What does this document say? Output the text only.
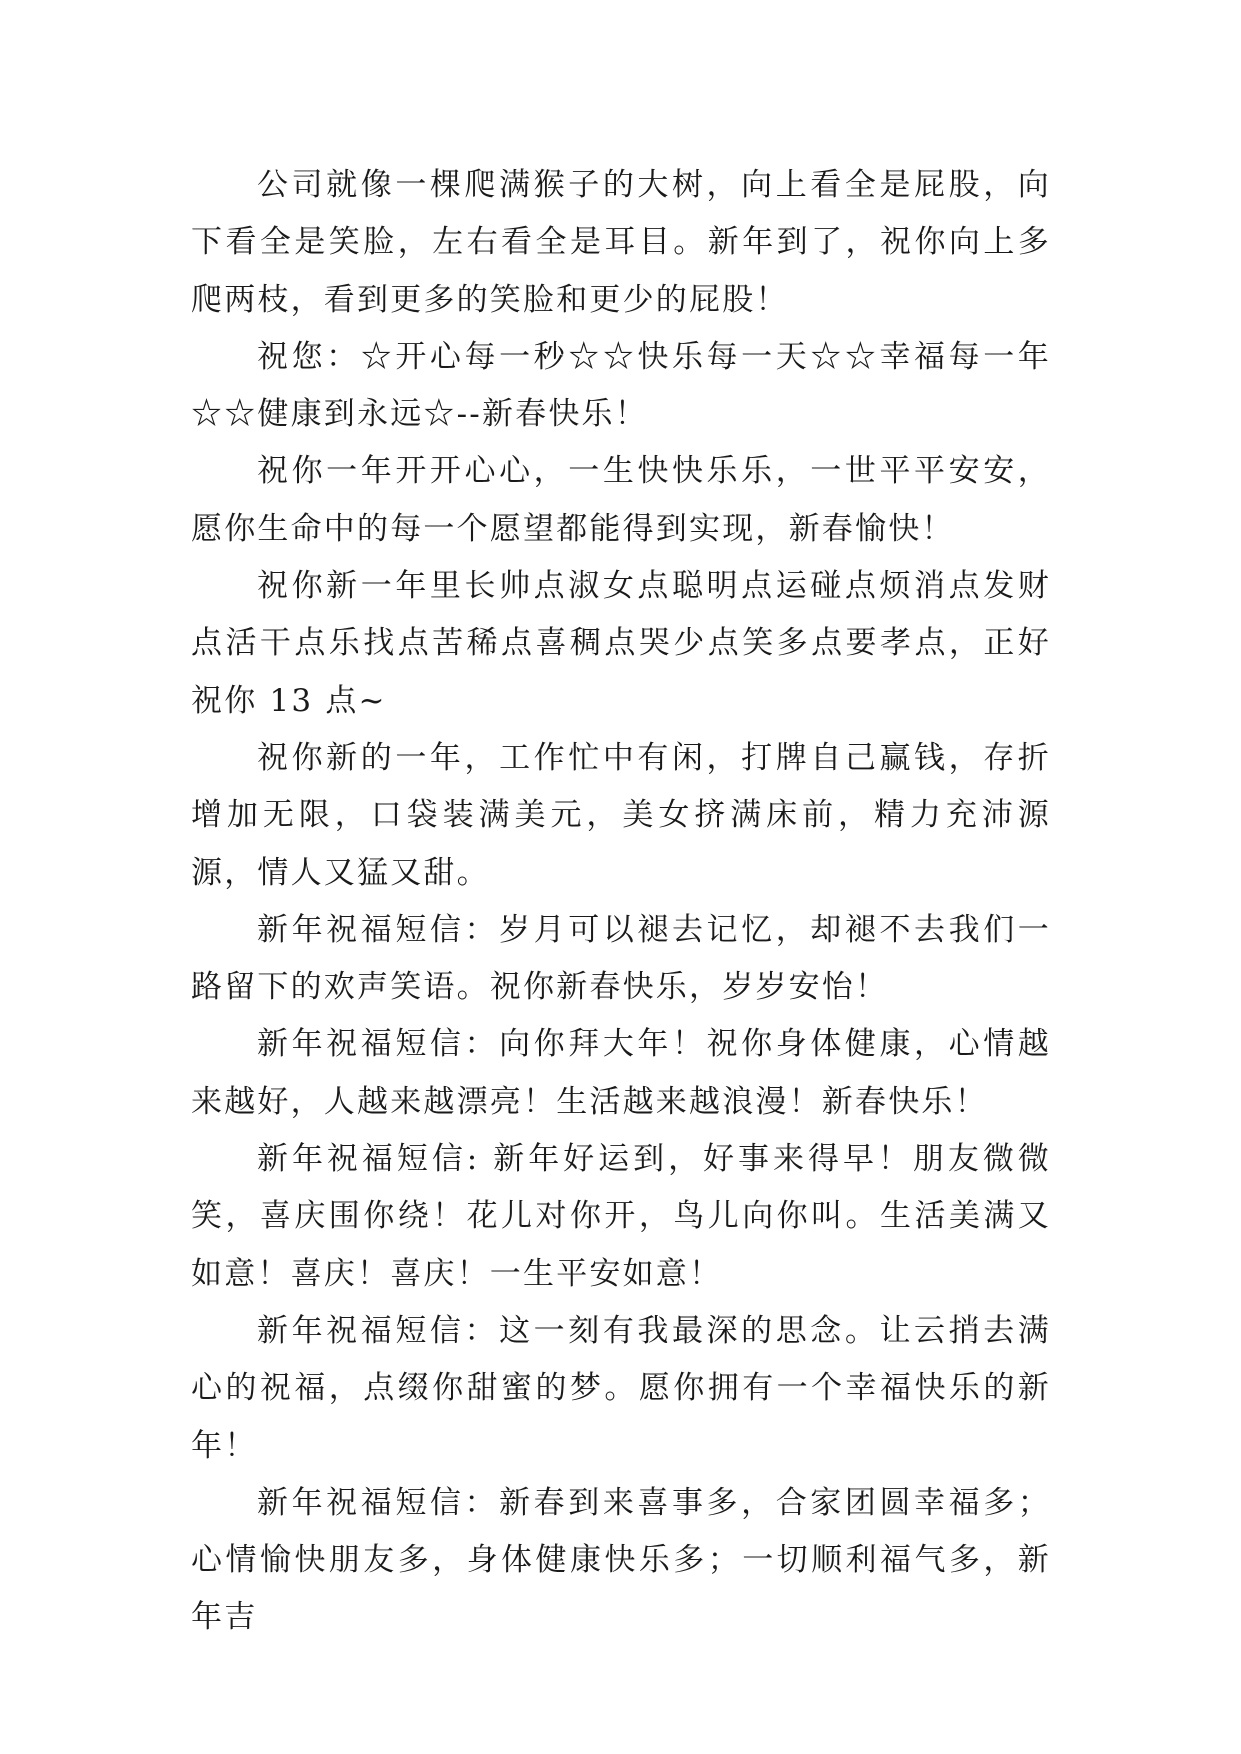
公司就像一棵爬满猴子的大树，向上看全是屁股，向下看全是笑脸，左右看全是耳目。新年到了，祝你向上多爬两枝，看到更多的笑脸和更少的屁股！

祝您：☆开心每一秒☆☆快乐每一天☆☆幸福每一年☆☆健康到永远☆--新春快乐！

祝你一年开开心心，一生快快乐乐，一世平平安安，愿你生命中的每一个愿望都能得到实现，新春愉快！

祝你新一年里长帅点淑女点聪明点运碰点烦消点发财点活干点乐找点苦稀点喜稠点哭少点笑多点要孝点，正好祝你 13 点~

祝你新的一年，工作忙中有闲，打牌自己赢钱，存折增加无限，口袋装满美元，美女挤满床前，精力充沛源源，情人又猛又甜。

新年祝福短信：岁月可以褪去记忆，却褪不去我们一路留下的欢声笑语。祝你新春快乐，岁岁安怡！

新年祝福短信：向你拜大年！祝你身体健康，心情越来越好，人越来越漂亮！生活越来越浪漫！新春快乐！

新年祝福短信: 新年好运到，好事来得早！朋友微微笑，喜庆围你绕！花儿对你开，鸟儿向你叫。生活美满又如意！喜庆！喜庆！一生平安如意！

新年祝福短信：这一刻有我最深的思念。让云捎去满心的祝福，点缀你甜蜜的梦。愿你拥有一个幸福快乐的新年！

新年祝福短信：新春到来喜事多，合家团圆幸福多；心情愉快朋友多，身体健康快乐多；一切顺利福气多，新年吉
